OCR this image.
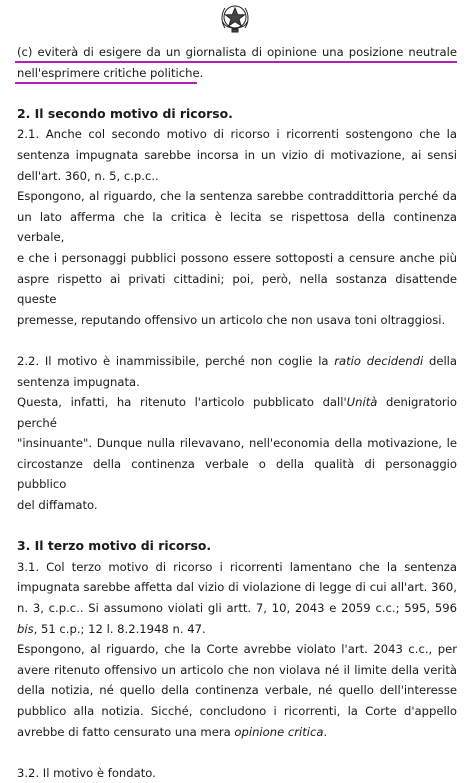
(c) eviterà di esigere da un giornalista di opinione una posizione neutrale
nell'esprimere critiche politiche.
2. Il secondo motivo di ricorso.
2.1. Anche col secondo motivo di ricorso i ricorrenti sostengono che la
sentenza impugnata sarebbe incorsa in un vizio di motivazione, ai sensi
dell'art. 360, n. 5, c.p.c..
Espongono, al riguardo, che la sentenza sarebbe contraddittoria perché da
un lato afferma che la critica è lecita se rispettosa della continenza verbale,
e che i personaggi pubblici possono essere sottoposti a censure anche più
aspre rispetto ai privati cittadini; poi, però, nella sostanza disattende queste
premesse, reputando offensivo un articolo che non usava toni oltraggiosi.
2.2. Il motivo è inammissibile, perché non coglie la ratio decidendi della
sentenza impugnata.
Questa, infatti, ha ritenuto l'articolo pubblicato dall'Unità denigratorio perché
"insinuante". Dunque nulla rilevavano, nell'economia della motivazione, le
circostanze della continenza verbale o della qualità di personaggio pubblico
del diffamato.
3. Il terzo motivo di ricorso.
3.1. Col terzo motivo di ricorso i ricorrenti lamentano che la sentenza
impugnata sarebbe affetta dal vizio di violazione di legge di cui all'art. 360,
n. 3, c.p.c.. Si assumono violati gli artt. 7, 10, 2043 e 2059 c.c.; 595, 596
bis, 51 c.p.; 12 l. 8.2.1948 n. 47.
Espongono, al riguardo, che la Corte avrebbe violato l'art. 2043 c.c., per
avere ritenuto offensivo un articolo che non violava né il limite della verità
della notizia, né quello della continenza verbale, né quello dell'interesse
pubblico alla notizia. Sicché, concludono i ricorrenti, la Corte d'appello
avrebbe di fatto censurato una mera opinione critica.
3.2. Il motivo è fondato.
